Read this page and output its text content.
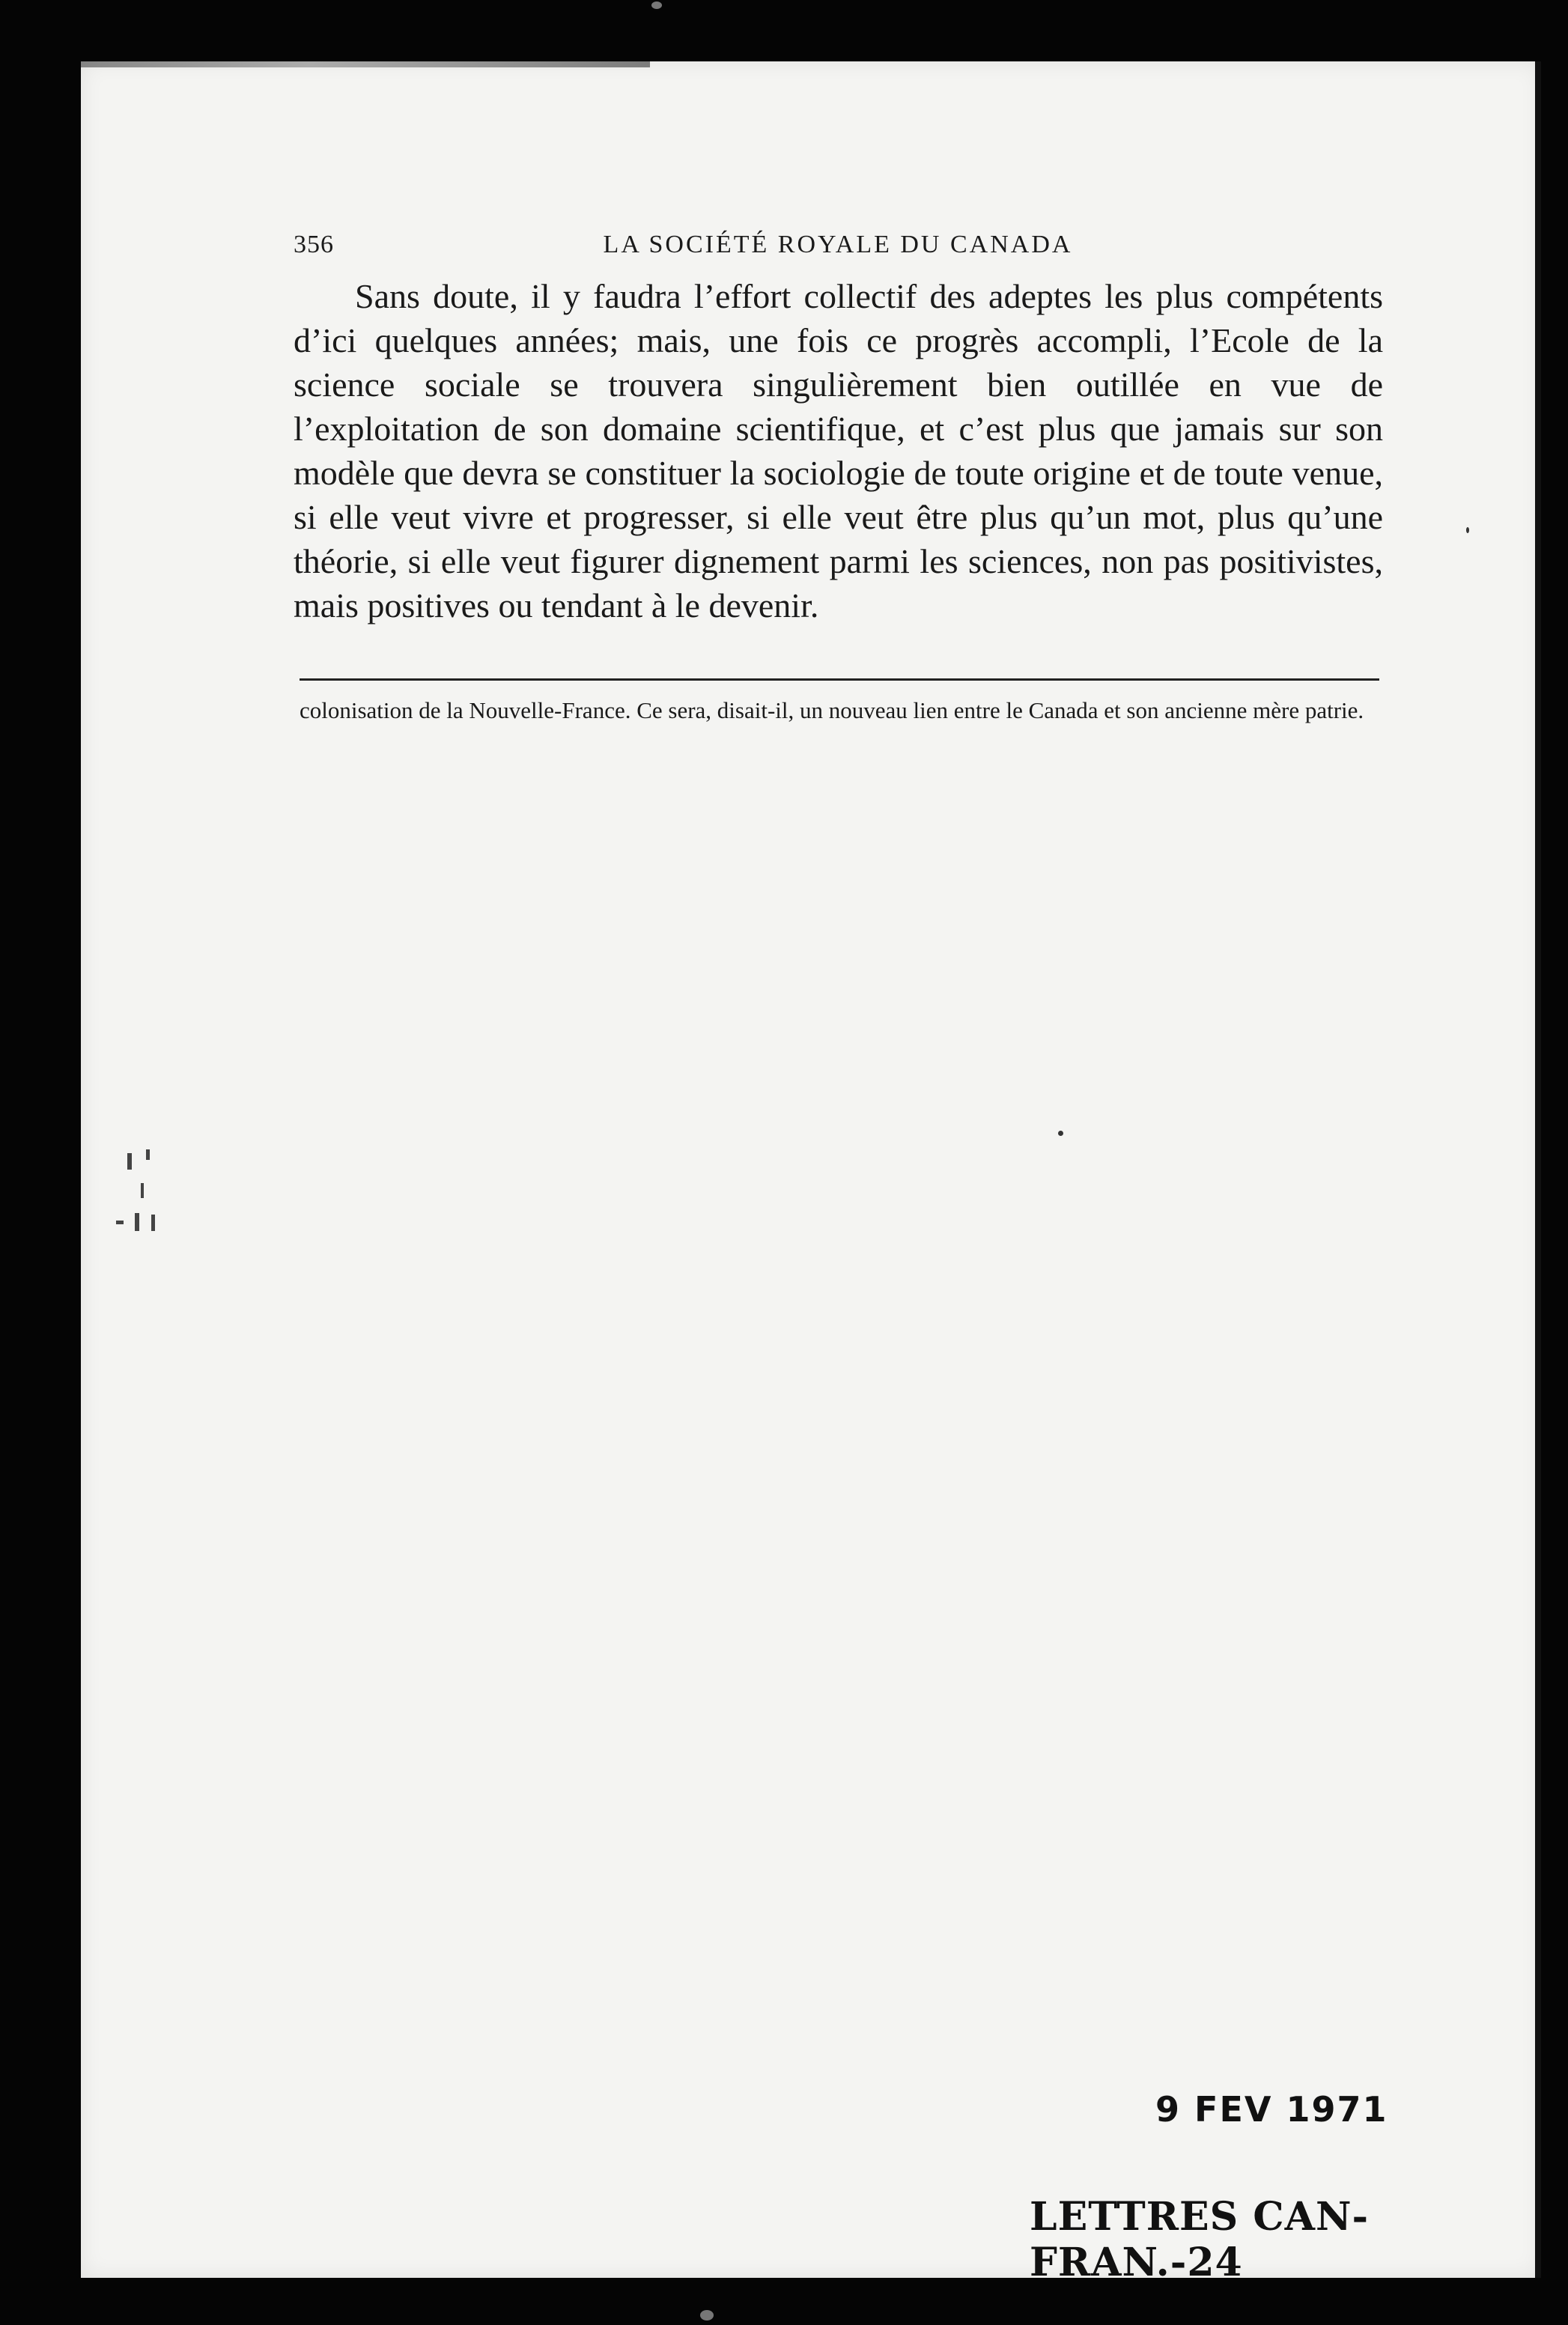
356	LA SOCIÉTÉ ROYALE DU CANADA

Sans doute, il y faudra l’effort collectif des adeptes les plus compétents d’ici quelques années; mais, une fois ce progrès accompli, l’Ecole de la science sociale se trouvera singulièrement bien outillée en vue de l’exploitation de son domaine scientifique, et c’est plus que jamais sur son modèle que devra se constituer la sociologie de toute origine et de toute venue, si elle veut vivre et progresser, si elle veut être plus qu’un mot, plus qu’une théorie, si elle veut figurer dignement parmi les sciences, non pas positivistes, mais positives ou tendant à le devenir.

colonisation de la Nouvelle-France. Ce sera, disait-il, un nouveau lien entre le Canada et son ancienne mère patrie.

9 FEV 1971
LETTRES CAN-FRAN.-24
